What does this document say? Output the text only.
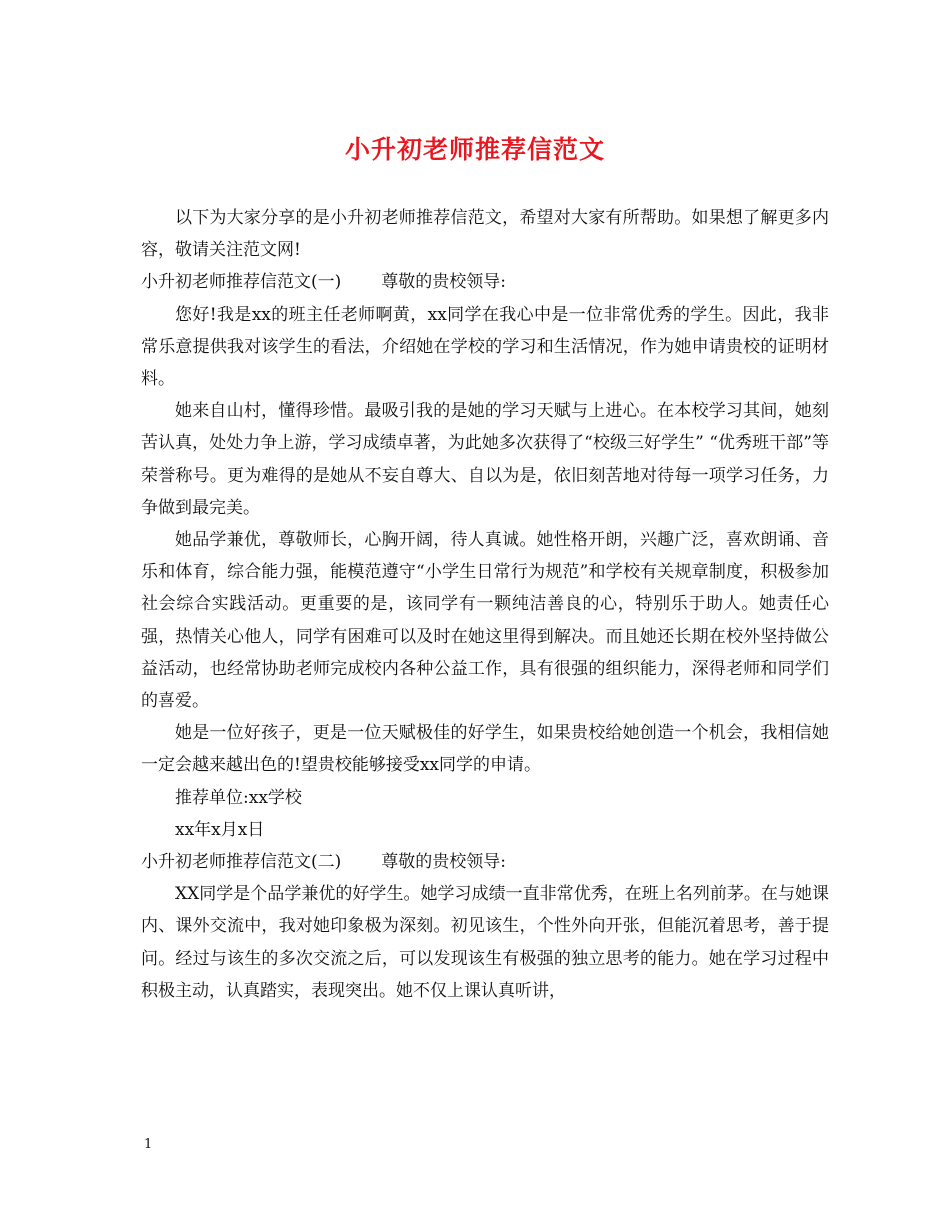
小升初老师推荐信范文

以下为大家分享的是小升初老师推荐信范文，希望对大家有所帮助。如果想了解更多内容，敬请关注范文网!

小升初老师推荐信范文(一) 尊敬的贵校领导:

您好!我是xx的班主任老师啊黄，xx同学在我心中是一位非常优秀的学生。因此，我非常乐意提供我对该学生的看法，介绍她在学校的学习和生活情况，作为她申请贵校的证明材料。

她来自山村，懂得珍惜。最吸引我的是她的学习天赋与上进心。在本校学习其间，她刻苦认真，处处力争上游，学习成绩卓著，为此她多次获得了“校级三好学生” “优秀班干部”等荣誉称号。更为难得的是她从不妄自尊大、自以为是，依旧刻苦地对待每一项学习任务，力争做到最完美。

她品学兼优，尊敬师长，心胸开阔，待人真诚。她性格开朗，兴趣广泛，喜欢朗诵、音乐和体育，综合能力强，能模范遵守“小学生日常行为规范”和学校有关规章制度，积极参加社会综合实践活动。更重要的是，该同学有一颗纯洁善良的心，特别乐于助人。她责任心强，热情关心他人，同学有困难可以及时在她这里得到解决。而且她还长期在校外坚持做公益活动，也经常协助老师完成校内各种公益工作，具有很强的组织能力，深得老师和同学们的喜爱。

她是一位好孩子，更是一位天赋极佳的好学生，如果贵校给她创造一个机会，我相信她一定会越来越出色的!望贵校能够接受xx同学的申请。

推荐单位:xx学校

xx年x月x日

小升初老师推荐信范文(二) 尊敬的贵校领导:

XX同学是个品学兼优的好学生。她学习成绩一直非常优秀，在班上名列前茅。在与她课内、课外交流中，我对她印象极为深刻。初见该生，个性外向开张，但能沉着思考，善于提问。经过与该生的多次交流之后，可以发现该生有极强的独立思考的能力。她在学习过程中积极主动，认真踏实，表现突出。她不仅上课认真听讲，

1
